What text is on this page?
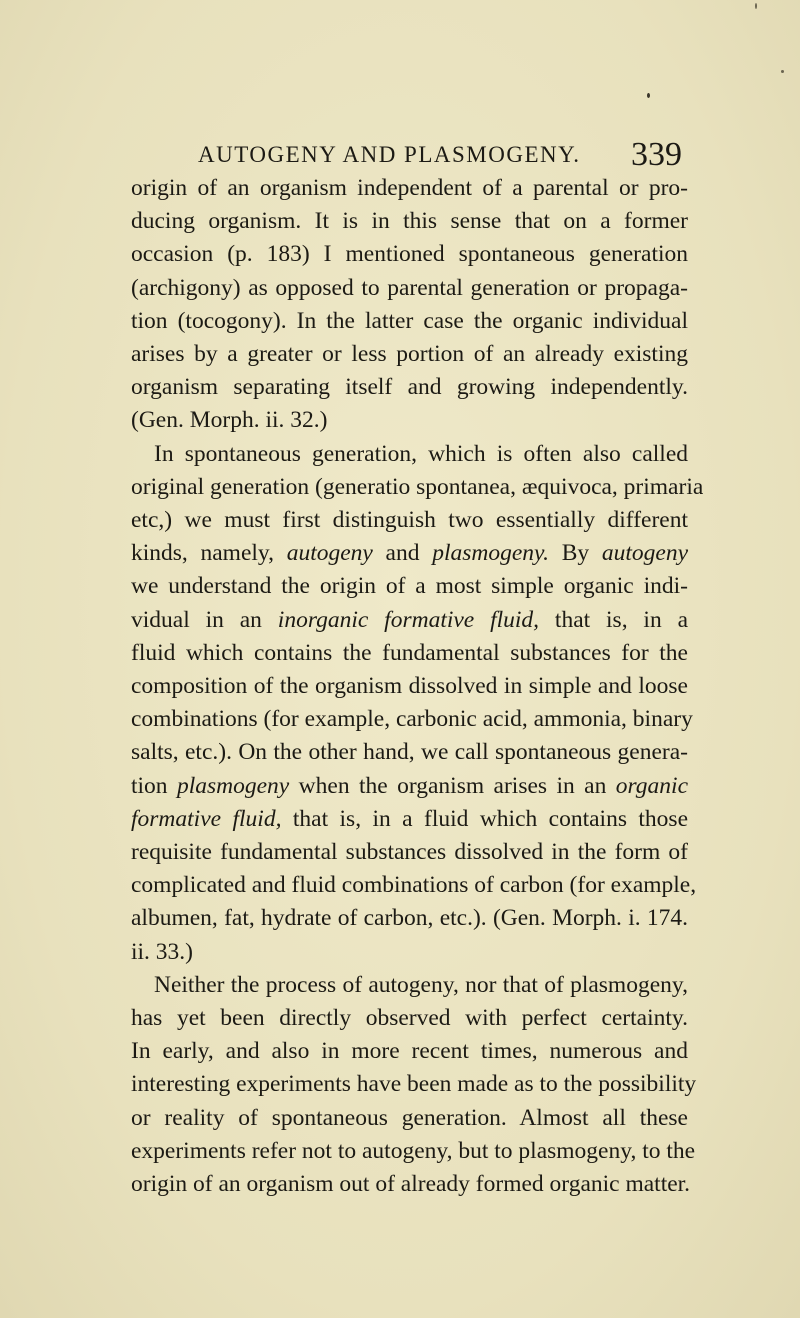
AUTOGENY AND PLASMOGENY. 339
origin of an organism independent of a parental or pro-
ducing organism. It is in this sense that on a former
occasion (p. 183) I mentioned spontaneous generation
(archigony) as opposed to parental generation or propaga-
tion (tocogony). In the latter case the organic individual
arises by a greater or less portion of an already existing
organism separating itself and growing independently.
(Gen. Morph. ii. 32.)
In spontaneous generation, which is often also called
original generation (generatio spontanea, æquivoca, primaria
etc,) we must first distinguish two essentially different
kinds, namely, autogeny and plasmogeny. By autogeny
we understand the origin of a most simple organic indi-
vidual in an inorganic formative fluid, that is, in a
fluid which contains the fundamental substances for the
composition of the organism dissolved in simple and loose
combinations (for example, carbonic acid, ammonia, binary
salts, etc.). On the other hand, we call spontaneous genera-
tion plasmogeny when the organism arises in an organic
formative fluid, that is, in a fluid which contains those
requisite fundamental substances dissolved in the form of
complicated and fluid combinations of carbon (for example,
albumen, fat, hydrate of carbon, etc.). (Gen. Morph. i. 174.
ii. 33.)
Neither the process of autogeny, nor that of plasmogeny,
has yet been directly observed with perfect certainty.
In early, and also in more recent times, numerous and
interesting experiments have been made as to the possibility
or reality of spontaneous generation. Almost all these
experiments refer not to autogeny, but to plasmogeny, to the
origin of an organism out of already formed organic matter.
